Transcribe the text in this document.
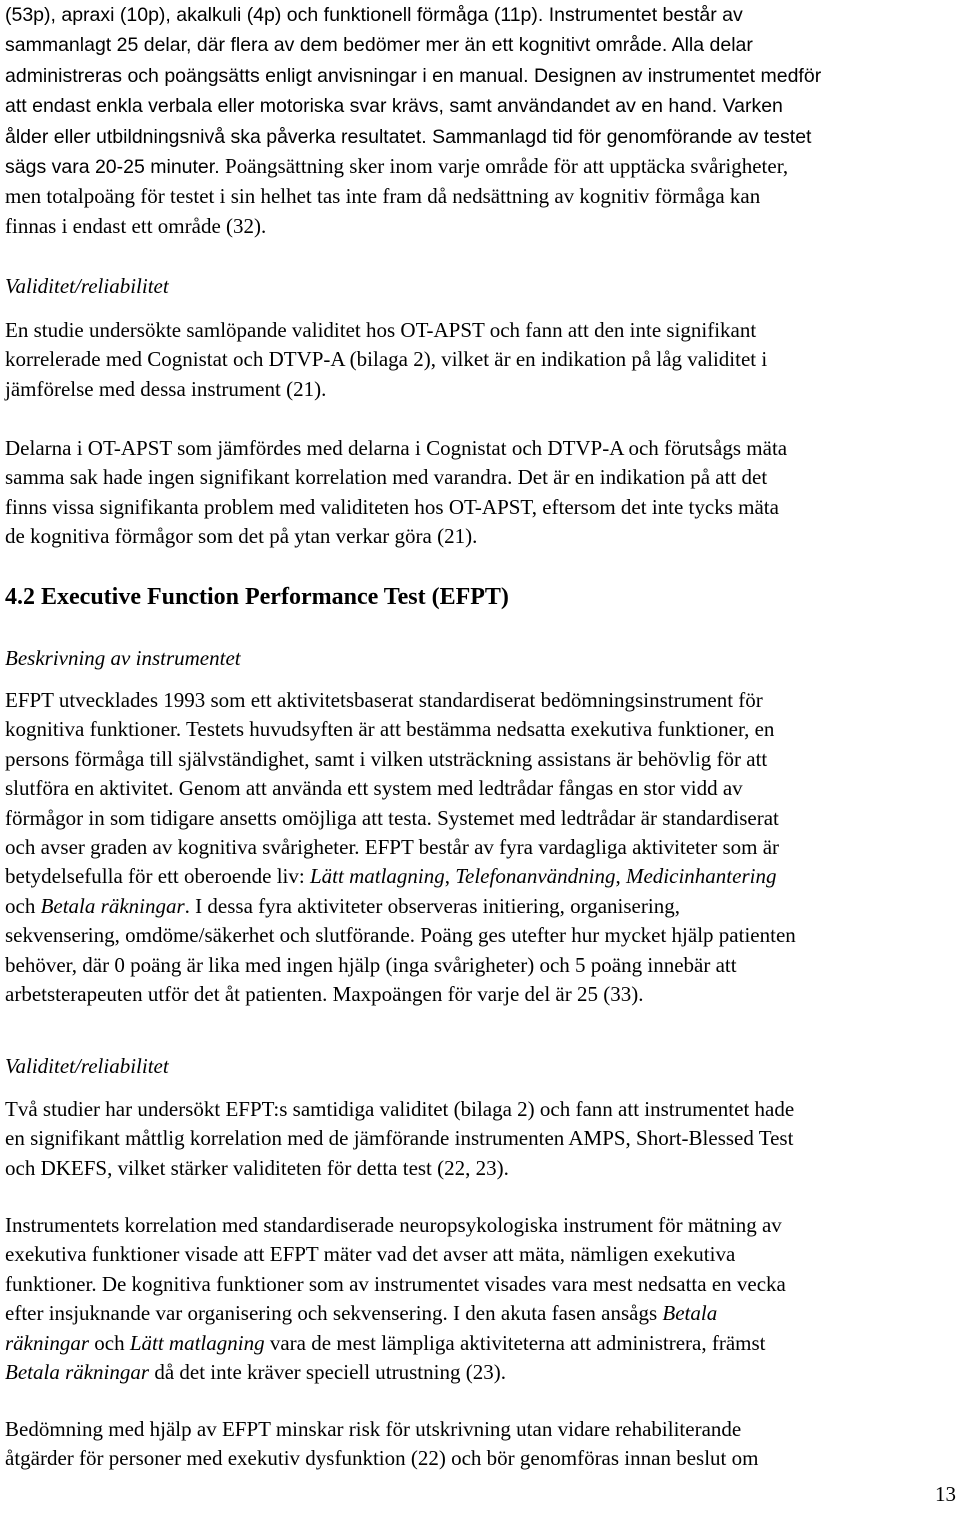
(53p), apraxi (10p), akalkuli (4p) och funktionell förmåga (11p). Instrumentet består av
sammanlagt 25 delar, där flera av dem bedömer mer än ett kognitivt område. Alla delar
administreras och poängsätts enligt anvisningar i en manual. Designen av instrumentet medför
att endast enkla verbala eller motoriska svar krävs, samt användandet av en hand. Varken
ålder eller utbildningsnivå ska påverka resultatet. Sammanlagd tid för genomförande av testet
sägs vara 20-25 minuter. Poängsättning sker inom varje område för att upptäcka svårigheter,
men totalpoäng för testet i sin helhet tas inte fram då nedsättning av kognitiv förmåga kan
finnas i endast ett område (32).

Validitet/reliabilitet

En studie undersökte samlöpande validitet hos OT-APST och fann att den inte signifikant
korrelerade med Cognistat och DTVP-A (bilaga 2), vilket är en indikation på låg validitet i
jämförelse med dessa instrument (21).

Delarna i OT-APST som jämfördes med delarna i Cognistat och DTVP-A och förutsågs mäta
samma sak hade ingen signifikant korrelation med varandra. Det är en indikation på att det
finns vissa signifikanta problem med validiteten hos OT-APST, eftersom det inte tycks mäta
de kognitiva förmågor som det på ytan verkar göra (21).

4.2 Executive Function Performance Test (EFPT)

Beskrivning av instrumentet

EFPT utvecklades 1993 som ett aktivitetsbaserat standardiserat bedömningsinstrument för
kognitiva funktioner. Testets huvudsyften är att bestämma nedsatta exekutiva funktioner, en
persons förmåga till självständighet, samt i vilken utsträckning assistans är behövlig för att
slutföra en aktivitet. Genom att använda ett system med ledtrådar fångas en stor vidd av
förmågor in som tidigare ansetts omöjliga att testa. Systemet med ledtrådar är standardiserat
och avser graden av kognitiva svårigheter. EFPT består av fyra vardagliga aktiviteter som är
betydelsefulla för ett oberoende liv: Lätt matlagning, Telefonanvändning, Medicinhantering
och Betala räkningar. I dessa fyra aktiviteter observeras initiering, organisering,
sekvensering, omdöme/säkerhet och slutförande. Poäng ges utefter hur mycket hjälp patienten
behöver, där 0 poäng är lika med ingen hjälp (inga svårigheter) och 5 poäng innebär att
arbetsterapeuten utför det åt patienten. Maxpoängen för varje del är 25 (33).

Validitet/reliabilitet

Två studier har undersökt EFPT:s samtidiga validitet (bilaga 2) och fann att instrumentet hade
en signifikant måttlig korrelation med de jämförande instrumenten AMPS, Short-Blessed Test
och DKEFS, vilket stärker validiteten för detta test (22, 23).

Instrumentets korrelation med standardiserade neuropsykologiska instrument för mätning av
exekutiva funktioner visade att EFPT mäter vad det avser att mäta, nämligen exekutiva
funktioner. De kognitiva funktioner som av instrumentet visades vara mest nedsatta en vecka
efter insjuknande var organisering och sekvensering. I den akuta fasen ansågs Betala
räkningar och Lätt matlagning vara de mest lämpliga aktiviteterna att administrera, främst
Betala räkningar då det inte kräver speciell utrustning (23).

Bedömning med hjälp av EFPT minskar risk för utskrivning utan vidare rehabiliterande
åtgärder för personer med exekutiv dysfunktion (22) och bör genomföras innan beslut om

13
